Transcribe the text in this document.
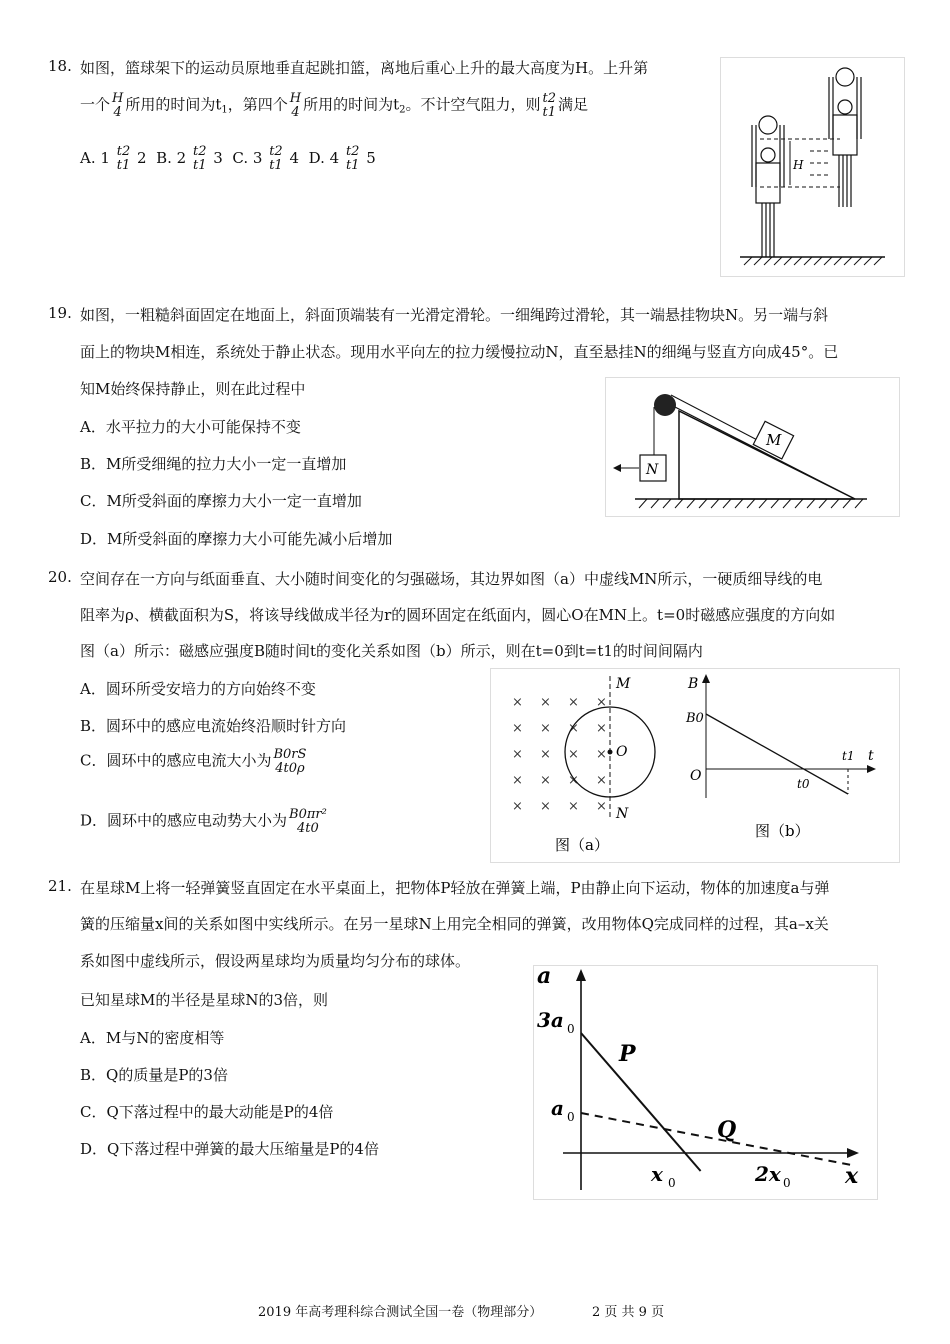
18. 如图，篮球架下的运动员原地垂直起跳扣篮，离地后重心上升的最大高度为H。上升第
一个 H
4 所用的时间为$t_1$，第四个 H
4 所用的时间为$t_2$。不计空气阻力，则 t2
t1 满足
A. 1 t2
t1 2 B. 2 t2
t1 3 C. 3 t2
t1 4 D. 4 t2
t1 5	H
19. 如图，一粗糙斜面固定在地面上，斜面顶端装有一光滑定滑轮。一细绳跨过滑轮，其一端悬挂物块N。另一端与斜
面上的物块M相连，系统处于静止状态。现用水平向左的拉力缓慢拉动N，直至悬挂N的细绳与竖直方向成45°。已
知M始终保持静止，则在此过程中
A．水平拉力的大小可能保持不变
B．M所受细绳的拉力大小一定一直增加
C．M所受斜面的摩擦力大小一定一直增加
D．M所受斜面的摩擦力大小可能先减小后增加
M
N
20. 空间存在一方向与纸面垂直、大小随时间变化的匀强磁场，其边界如图（a）中虚线MN所示，一硬质细导线的电
阻率为ρ、横截面积为S，将该导线做成半径为r的圆环固定在纸面内，圆心O在MN上。t=0时磁感应强度的方向如
图（a）所示：磁感应强度B随时间t的变化关系如图（b）所示，则在t=0到t=t1的时间间隔内
A．圆环所受安培力的方向始终不变
B．圆环中的感应电流始终沿顺时针方向
C．圆环中的感应电流大小为 B0rS
4t0ρ
D．圆环中的感应电动势大小为 B0πr²
4t0
× × × ×
× × × ×
× × × ×
× × × ×
× × × ×
M
N
O
图（a）
B
B0
O	t0
t1 t
图（b）
21. 在星球M上将一轻弹簧竖直固定在水平桌面上，把物体P轻放在弹簧上端，P由静止向下运动，物体的加速度a与弹
簧的压缩量x间的关系如图中实线所示。在另一星球N上用完全相同的弹簧，改用物体Q完成同样的过程，其a–x关
系如图中虚线所示，假设两星球均为质量均匀分布的球体。
已知星球M的半径是星球N的3倍，则
A．M与N的密度相等
B．Q的质量是P的3倍
C．Q下落过程中的最大动能是P的4倍
D．Q下落过程中弹簧的最大压缩量是P的4倍
a
x
3a 0
a 0
x 0	2x 0
P
Q
2019 年高考理科综合测试全国一卷（物理部分）	2 页 共 9 页
